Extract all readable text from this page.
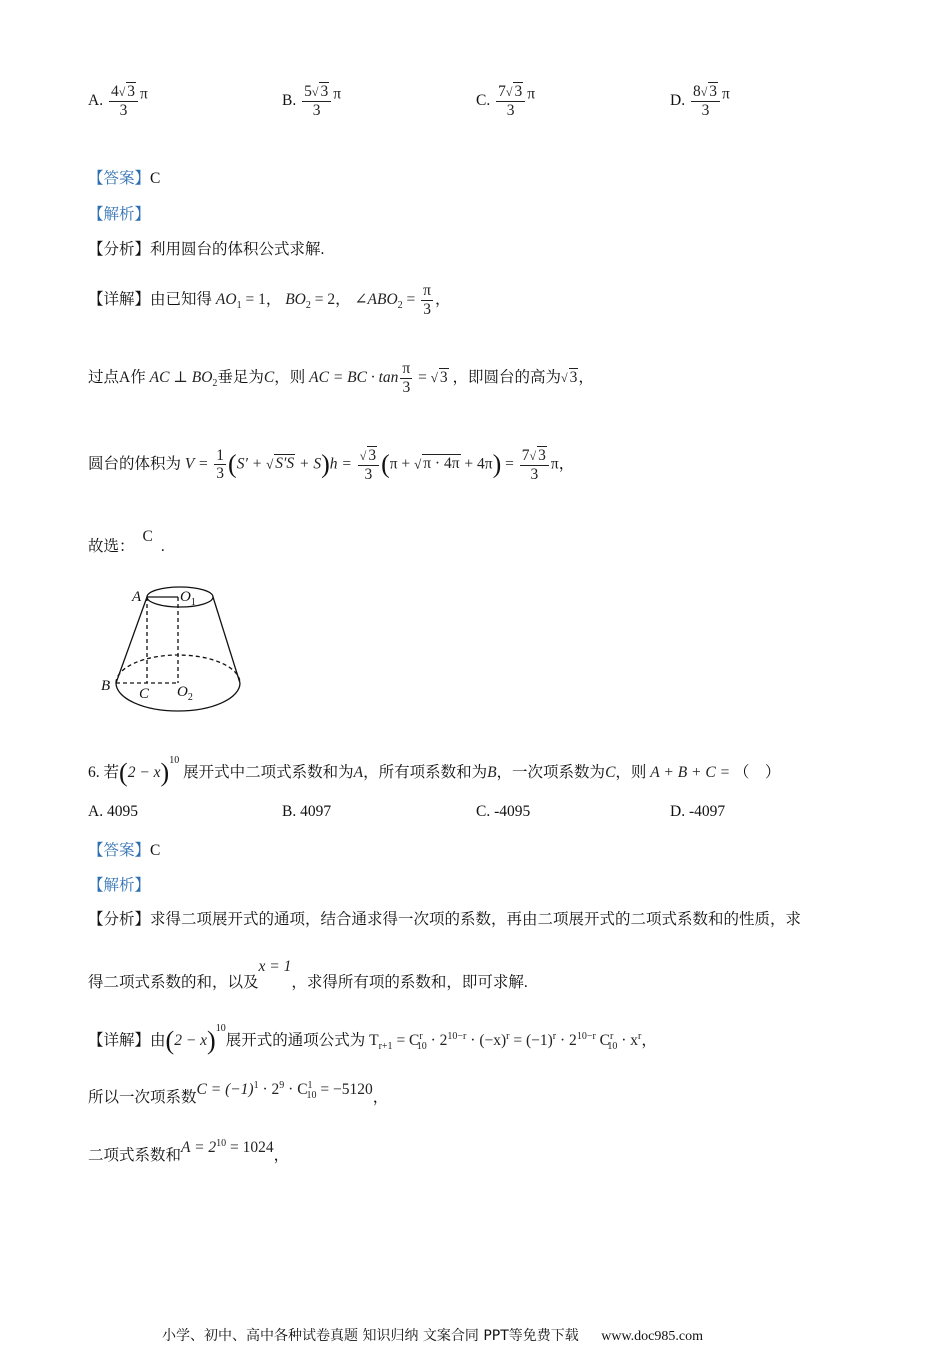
A. $\frac{4√ 3}{3}$ π	B. $\frac{5√ 3}{3}$ π	C. $\frac{7√ 3}{3}$ π	D. $\frac{8√ 3}{3}$ π
【答案】C
【解析】
【分析】利用圆台的体积公式求解.
【详解】由已知得 $AO_1 = 1$， $BO_2 = 2$， $\angle ABO_2 = \frac{\pi}{3}$ ，
过点A作 AC ⊥ $BO_2$垂足为C，则 AC = BC · $\tan \frac{\pi}{3}$ = √ 3 ，即圆台的高为√ 3，
圆台的体积为 $V = \frac{1}{3} (S'$ + √ $S'S + S)h = \frac{√ 3}{3} (\pi$ + √ $\pi \cdot 4\pi + 4\pi) = \frac{7√ 3}{3}$ π，
故选：C.
A	$O_1$
B C $O_2$
6. 若$(2 - x)^{10}$ 展开式中二项式系数和为A，所有项系数和为B，一次项系数为C，则 A + B + C = （　）
A. 4095	B. 4097	C. -4095	D. -4097
【答案】C
【解析】
【分析】求得二项展开式的通项，结合通求得一次项的系数，再由二项展开式的二项式系数和的性质，求
得二项式系数的和，以及x = 1，求得所有项的系数和，即可求解.
【详解】由$(2 - x)^{10}$展开式的通项公式为 $T_{r+1} = C^r_{10} \cdot 2^{10-r} \cdot (-x)^r = (-1)^r \cdot 2^{10-r}$ $C^r_{10} \cdot x^r$，
所以一次项系数$C = (-1)^1 \cdot 2^9 \cdot C^1_{10} = -5120$，
二项式系数和$A = 2^{10} = 1024$，
小学、初中、高中各种试卷真题 知识归纳 文案合同 PPT等免费下载 www.doc985.com
